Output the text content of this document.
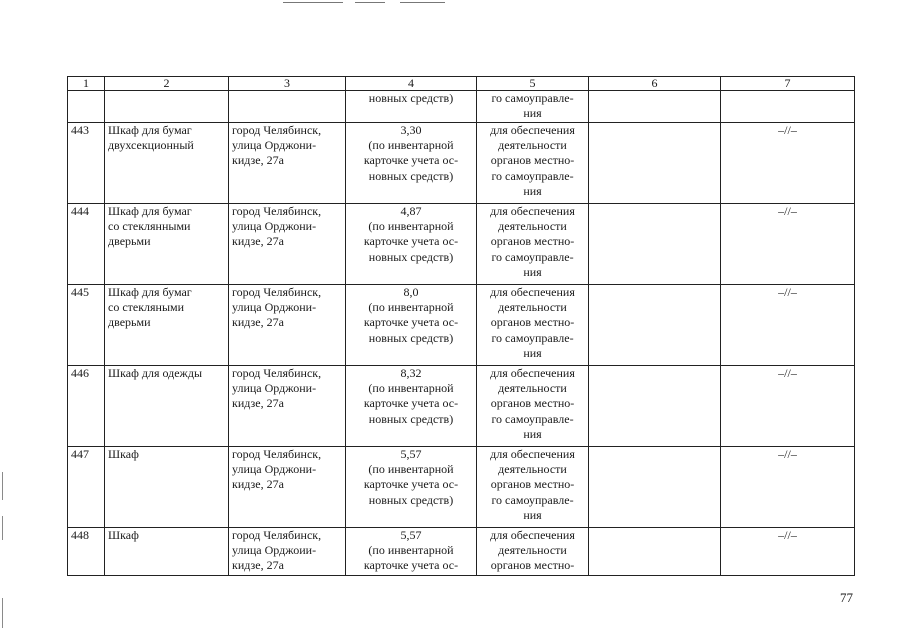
1	2	3	4	5	6	7

			новных средств)	го самоуправле-
ния		

443	Шкаф для бумаг
двухсекционный	город Челябинск,
улица Орджони-
кидзе, 27а	3,30
(по инвентарной
карточке учета ос-
новных средств)	для обеспечения
деятельности
органов местно-
го самоуправле-
ния		–//–
444	Шкаф для бумаг
со стеклянными
дверьми	город Челябинск,
улица Орджони-
кидзе, 27а	4,87
(по инвентарной
карточке учета ос-
новных средств)	для обеспечения
деятельности
органов местно-
го самоуправле-
ния		–//–
445	Шкаф для бумаг
со стекляными
дверьми	город Челябинск,
улица Орджони-
кидзе, 27а	8,0
(по инвентарной
карточке учета ос-
новных средств)	для обеспечения
деятельности
органов местно-
го самоуправле-
ния		–//–
446	Шкаф для одежды	город Челябинск,
улица Орджони-
кидзе, 27а	8,32
(по инвентарной
карточке учета ос-
новных средств)	для обеспечения
деятельности
органов местно-
го самоуправле-
ния		–//–
447	Шкаф	город Челябинск,
улица Орджони-
кидзе, 27а	5,57
(по инвентарной
карточке учета ос-
новных средств)	для обеспечения
деятельности
органов местно-
го самоуправле-
ния		–//–
448	Шкаф	город Челябинск,
улица Орджоии-
кидзе, 27а	5,57
(по инвентарной
карточке учета ос-	для обеспечения
деятельности
органов местно-		–//–
77
